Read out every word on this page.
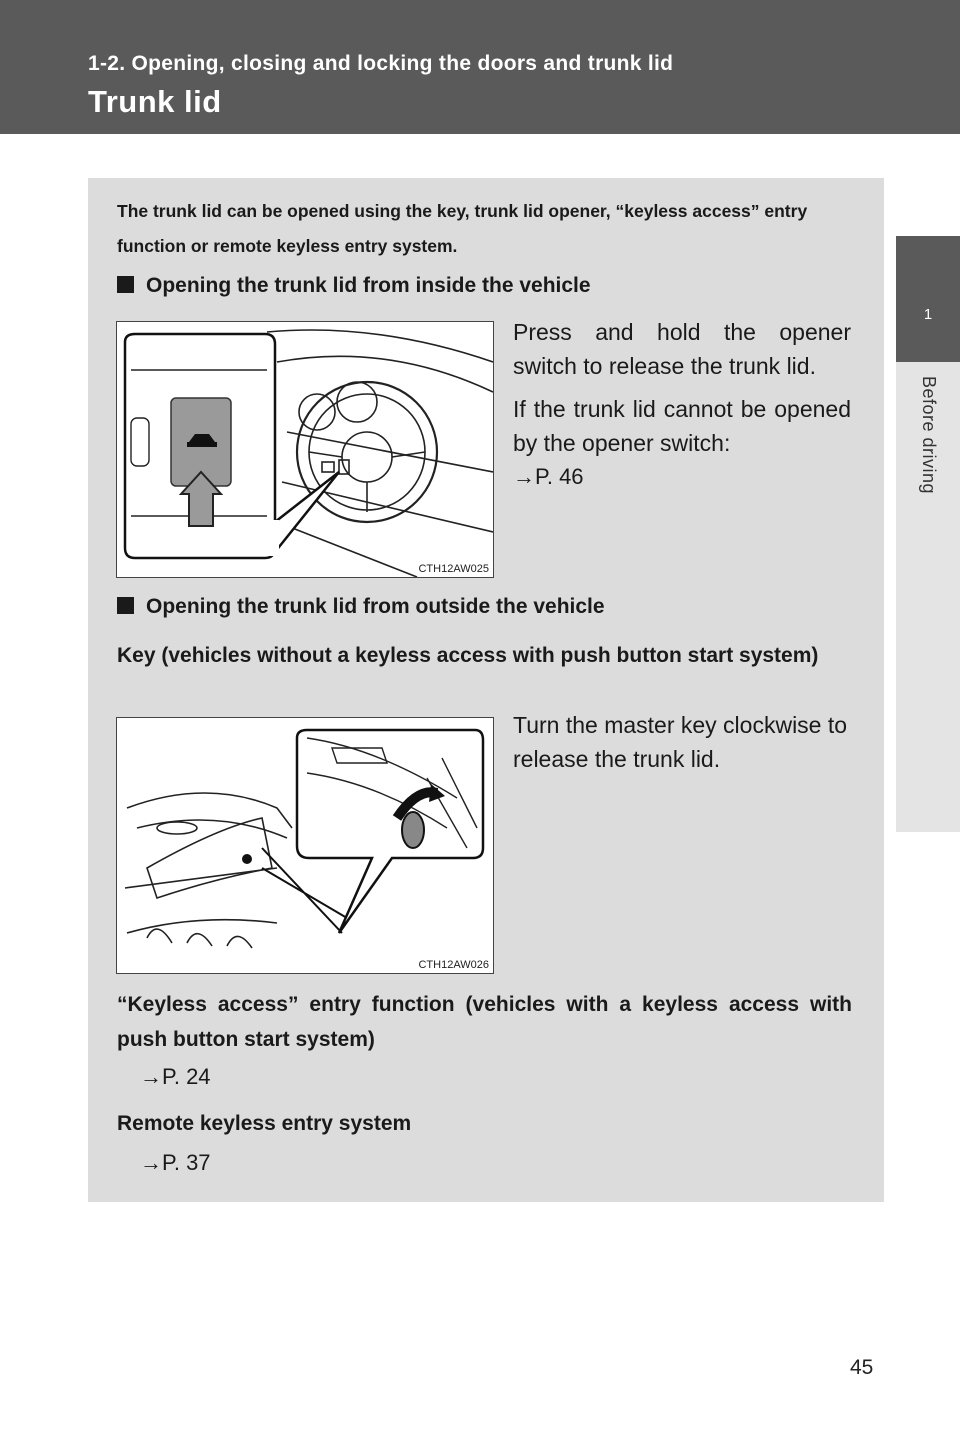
1-2. Opening, closing and locking the doors and trunk lid
Trunk lid
1
Before driving
The trunk lid can be opened using the key, trunk lid opener, “keyless access” entry function or remote keyless entry system.
Opening the trunk lid from inside the vehicle
CTH12AW025
Press and hold the opener switch to release the trunk lid.
If the trunk lid cannot be opened by the opener switch:
→P. 46
Opening the trunk lid from outside the vehicle
Key (vehicles without a keyless access with push button start system)
CTH12AW026
Turn the master key clockwise to release the trunk lid.
“Keyless access” entry function (vehicles with a keyless access with push button start system)
→P. 24
Remote keyless entry system
→P. 37
45
